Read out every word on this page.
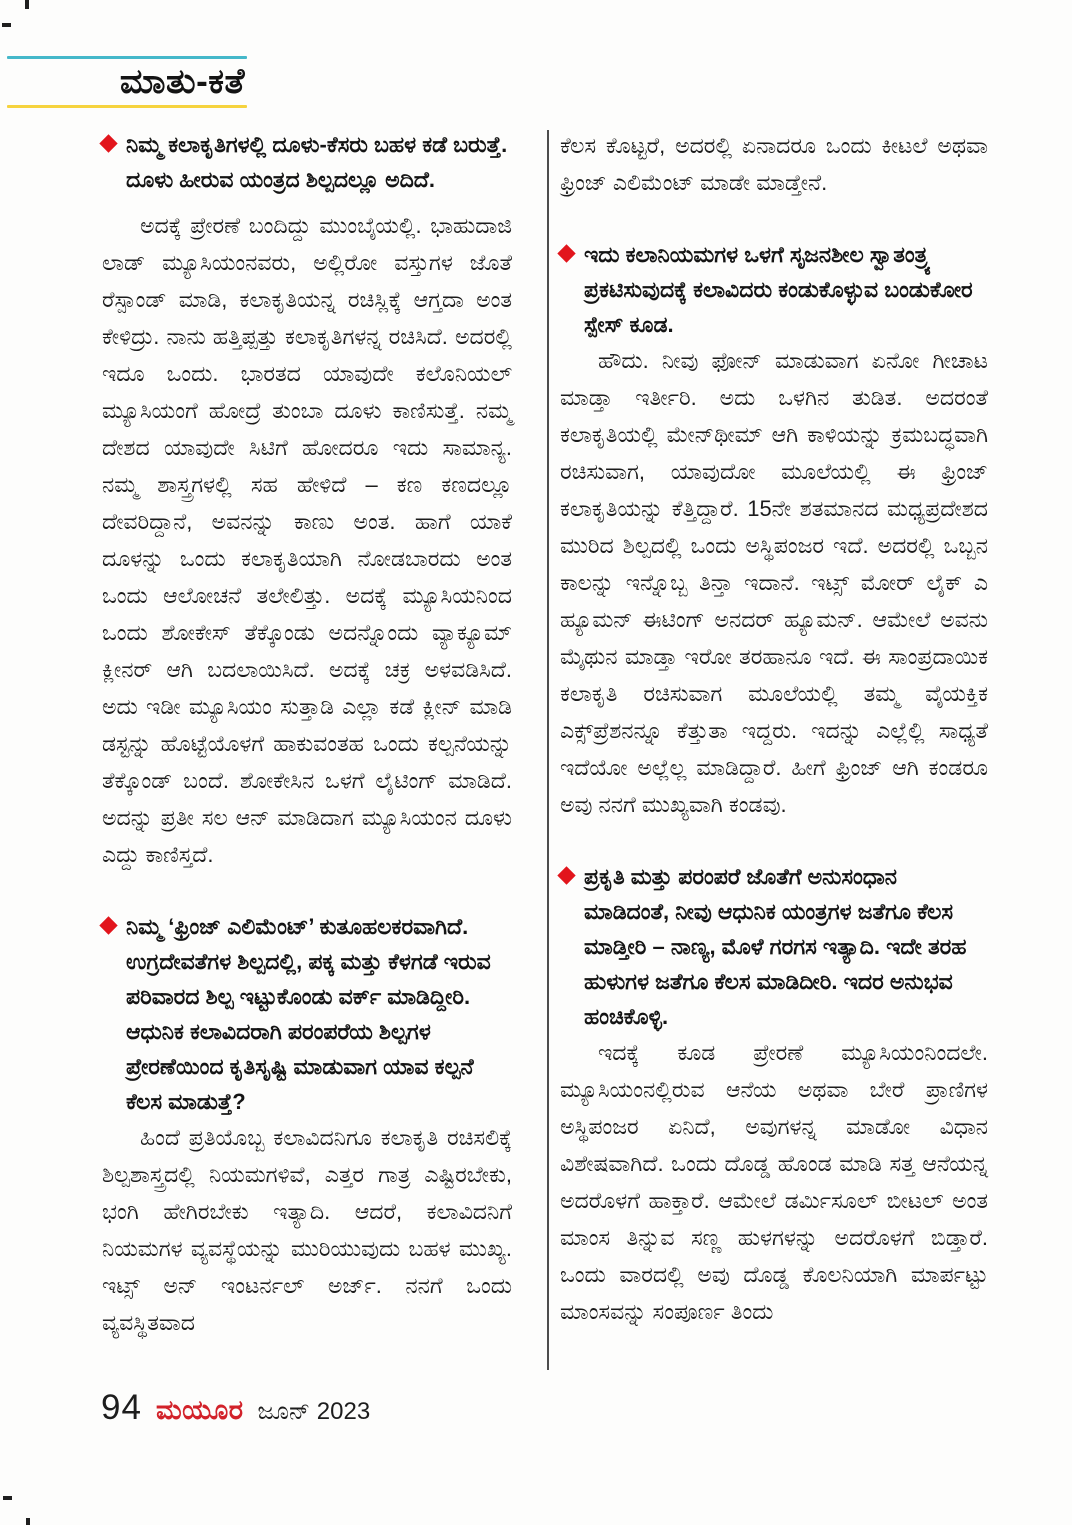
ಮಾತು-ಕತೆ

ನಿಮ್ಮ ಕಲಾಕೃತಿಗಳಲ್ಲಿ ದೂಳು-ಕೆಸರು ಬಹಳ ಕಡೆ ಬರುತ್ತೆ. ದೂಳು ಹೀರುವ ಯಂತ್ರದ ಶಿಲ್ಪದಲ್ಲೂ ಅದಿದೆ.

ಅದಕ್ಕೆ ಪ್ರೇರಣೆ ಬಂದಿದ್ದು ಮುಂಬೈಯಲ್ಲಿ. ಭಾಹುದಾಜಿ ಲಾಡ್ ಮ್ಯೂಸಿಯಂನವರು, ಅಲ್ಲಿರೋ ವಸ್ತುಗಳ ಜೊತೆ ರೆಸ್ಪಾಂಡ್ ಮಾಡಿ, ಕಲಾಕೃತಿಯನ್ನ ರಚಿಸ್ಲಿಕ್ಕೆ ಆಗ್ತದಾ ಅಂತ ಕೇಳಿದ್ರು. ನಾನು ಹತ್ತಿಪ್ಪತ್ತು ಕಲಾಕೃತಿಗಳನ್ನ ರಚಿಸಿದೆ. ಅದರಲ್ಲಿ ಇದೂ ಒಂದು. ಭಾರತದ ಯಾವುದೇ ಕಲೊನಿಯಲ್ ಮ್ಯೂಸಿಯಂಗೆ ಹೋದ್ರೆ ತುಂಬಾ ದೂಳು ಕಾಣಿಸುತ್ತೆ. ನಮ್ಮ ದೇಶದ ಯಾವುದೇ ಸಿಟಿಗೆ ಹೋದರೂ ಇದು ಸಾಮಾನ್ಯ. ನಮ್ಮ ಶಾಸ್ತ್ರಗಳಲ್ಲಿ ಸಹ ಹೇಳಿದೆ – ಕಣ ಕಣದಲ್ಲೂ ದೇವರಿದ್ದಾನೆ, ಅವನನ್ನು ಕಾಣು ಅಂತ. ಹಾಗೆ ಯಾಕೆ ದೂಳನ್ನು ಒಂದು ಕಲಾಕೃತಿಯಾಗಿ ನೋಡಬಾರದು ಅಂತ ಒಂದು ಆಲೋಚನೆ ತಲೇಲಿತ್ತು. ಅದಕ್ಕೆ ಮ್ಯೂಸಿಯನಿಂದ ಒಂದು ಶೋಕೇಸ್ ತೆಕ್ಕೊಂಡು ಅದನ್ನೊಂದು ವ್ಯಾಕ್ಯೂಮ್ ಕ್ಲೀನರ್ ಆಗಿ ಬದಲಾಯಿಸಿದೆ. ಅದಕ್ಕೆ ಚಕ್ರ ಅಳವಡಿಸಿದೆ. ಅದು ಇಡೀ ಮ್ಯೂಸಿಯಂ ಸುತ್ತಾಡಿ ಎಲ್ಲಾ ಕಡೆ ಕ್ಲೀನ್ ಮಾಡಿ ಡಸ್ಟನ್ನು ಹೊಟ್ಟೆಯೊಳಗೆ ಹಾಕುವಂತಹ ಒಂದು ಕಲ್ಪನೆಯನ್ನು ತೆಕ್ಕೊಂಡ್ ಬಂದೆ. ಶೋಕೇಸಿನ ಒಳಗೆ ಲೈಟಿಂಗ್ ಮಾಡಿದೆ. ಅದನ್ನು ಪ್ರತೀ ಸಲ ಆನ್ ಮಾಡಿದಾಗ ಮ್ಯೂಸಿಯಂನ ದೂಳು ಎದ್ದು ಕಾಣಿಸ್ತದೆ.

ನಿಮ್ಮ ‘ಫ್ರಿಂಜ್ ಎಲಿಮೆಂಟ್’ ಕುತೂಹಲಕರವಾಗಿದೆ. ಉಗ್ರದೇವತೆಗಳ ಶಿಲ್ಪದಲ್ಲಿ, ಪಕ್ಕ ಮತ್ತು ಕೆಳಗಡೆ ಇರುವ ಪರಿವಾರದ ಶಿಲ್ಪ ಇಟ್ಟುಕೊಂಡು ವರ್ಕ್ ಮಾಡಿದ್ದೀರಿ. ಆಧುನಿಕ ಕಲಾವಿದರಾಗಿ ಪರಂಪರೆಯ ಶಿಲ್ಪಗಳ ಪ್ರೇರಣೆಯಿಂದ ಕೃತಿಸೃಷ್ಟಿ ಮಾಡುವಾಗ ಯಾವ ಕಲ್ಪನೆ ಕೆಲಸ ಮಾಡುತ್ತೆ?

ಹಿಂದೆ ಪ್ರತಿಯೊಬ್ಬ ಕಲಾವಿದನಿಗೂ ಕಲಾಕೃತಿ ರಚಿಸಲಿಕ್ಕೆ ಶಿಲ್ಪಶಾಸ್ತ್ರದಲ್ಲಿ ನಿಯಮಗಳಿವೆ, ಎತ್ತರ ಗಾತ್ರ ಎಷ್ಟಿರಬೇಕು, ಭಂಗಿ ಹೇಗಿರಬೇಕು ಇತ್ಯಾದಿ. ಆದರೆ, ಕಲಾವಿದನಿಗೆ ನಿಯಮಗಳ ವ್ಯವಸ್ಥೆಯನ್ನು ಮುರಿಯುವುದು ಬಹಳ ಮುಖ್ಯ. ಇಟ್ಸ್ ಅನ್ ಇಂಟರ್ನಲ್ ಅರ್ಜ್. ನನಗೆ ಒಂದು ವ್ಯವಸ್ಥಿತವಾದ

ಕೆಲಸ ಕೊಟ್ಟರೆ, ಅದರಲ್ಲಿ ಏನಾದರೂ ಒಂದು ಕೀಟಲೆ ಅಥವಾ ಫ್ರಿಂಜ್ ಎಲಿಮೆಂಟ್ ಮಾಡೇ ಮಾಡ್ತೇನೆ.

ಇದು ಕಲಾನಿಯಮಗಳ ಒಳಗೆ ಸೃಜನಶೀಲ ಸ್ವಾತಂತ್ರ್ಯ ಪ್ರಕಟಿಸುವುದಕ್ಕೆ ಕಲಾವಿದರು ಕಂಡುಕೊಳ್ಳುವ ಬಂಡುಕೋರ ಸ್ಪೇಸ್ ಕೂಡ.

ಹೌದು. ನೀವು ಫೋನ್ ಮಾಡುವಾಗ ಏನೋ ಗೀಚಾಟ ಮಾಡ್ತಾ ಇರ್ತೀರಿ. ಅದು ಒಳಗಿನ ತುಡಿತ. ಅದರಂತೆ ಕಲಾಕೃತಿಯಲ್ಲಿ ಮೇನ್‌ಥೀಮ್ ಆಗಿ ಕಾಳಿಯನ್ನು ಕ್ರಮಬದ್ಧವಾಗಿ ರಚಿಸುವಾಗ, ಯಾವುದೋ ಮೂಲೆಯಲ್ಲಿ ಈ ಫ್ರಿಂಜ್ ಕಲಾಕೃತಿಯನ್ನು ಕೆತ್ತಿದ್ದಾರೆ. 15ನೇ ಶತಮಾನದ ಮಧ್ಯಪ್ರದೇಶದ ಮುರಿದ ಶಿಲ್ಪದಲ್ಲಿ ಒಂದು ಅಸ್ಥಿಪಂಜರ ಇದೆ. ಅದರಲ್ಲಿ ಒಬ್ಬನ ಕಾಲನ್ನು ಇನ್ನೊಬ್ಬ ತಿನ್ತಾ ಇದಾನೆ. ಇಟ್ಸ್ ಮೋರ್ ಲೈಕ್ ಎ ಹ್ಯೂಮನ್ ಈಟಿಂಗ್ ಅನದರ್ ಹ್ಯೂಮನ್. ಆಮೇಲೆ ಅವನು ಮೈಥುನ ಮಾಡ್ತಾ ಇರೋ ತರಹಾನೂ ಇದೆ. ಈ ಸಾಂಪ್ರದಾಯಿಕ ಕಲಾಕೃತಿ ರಚಿಸುವಾಗ ಮೂಲೆಯಲ್ಲಿ ತಮ್ಮ ವೈಯಕ್ತಿಕ ಎಕ್ಸ್‌ಪ್ರೆಶನನ್ನೂ ಕೆತ್ತುತಾ ಇದ್ದರು. ಇದನ್ನು ಎಲ್ಲೆಲ್ಲಿ ಸಾಧ್ಯತೆ ಇದೆಯೋ ಅಲ್ಲೆಲ್ಲ ಮಾಡಿದ್ದಾರೆ. ಹೀಗೆ ಫ್ರಿಂಜ್ ಆಗಿ ಕಂಡರೂ ಅವು ನನಗೆ ಮುಖ್ಯವಾಗಿ ಕಂಡವು.

ಪ್ರಕೃತಿ ಮತ್ತು ಪರಂಪರೆ ಜೊತೆಗೆ ಅನುಸಂಧಾನ ಮಾಡಿದಂತೆ, ನೀವು ಆಧುನಿಕ ಯಂತ್ರಗಳ ಜತೆಗೂ ಕೆಲಸ ಮಾಡ್ತೀರಿ – ನಾಣ್ಯ, ಮೊಳೆ ಗರಗಸ ಇತ್ಯಾದಿ. ಇದೇ ತರಹ ಹುಳುಗಳ ಜತೆಗೂ ಕೆಲಸ ಮಾಡಿದೀರಿ. ಇದರ ಅನುಭವ ಹಂಚಿಕೊಳ್ಳಿ.

ಇದಕ್ಕೆ ಕೂಡ ಪ್ರೇರಣೆ ಮ್ಯೂಸಿಯಂನಿಂದಲೇ. ಮ್ಯೂಸಿಯಂನಲ್ಲಿರುವ ಆನೆಯ ಅಥವಾ ಬೇರೆ ಪ್ರಾಣಿಗಳ ಅಸ್ಥಿಪಂಜರ ಏನಿದೆ, ಅವುಗಳನ್ನ ಮಾಡೋ ವಿಧಾನ ವಿಶೇಷವಾಗಿದೆ. ಒಂದು ದೊಡ್ಡ ಹೊಂಡ ಮಾಡಿ ಸತ್ತ ಆನೆಯನ್ನ ಅದರೊಳಗೆ ಹಾಕ್ತಾರೆ. ಆಮೇಲೆ ಡರ್ಮಿಸೂಲ್ ಬೀಟಲ್ ಅಂತ ಮಾಂಸ ತಿನ್ನುವ ಸಣ್ಣ ಹುಳಗಳನ್ನು ಅದರೊಳಗೆ ಬಿಡ್ತಾರೆ. ಒಂದು ವಾರದಲ್ಲಿ ಅವು ದೊಡ್ಡ ಕೊಲನಿಯಾಗಿ ಮಾರ್ಪಟ್ಟು ಮಾಂಸವನ್ನು ಸಂಪೂರ್ಣ ತಿಂದು

94 ಮಯೂರ ಜೂನ್ 2023
